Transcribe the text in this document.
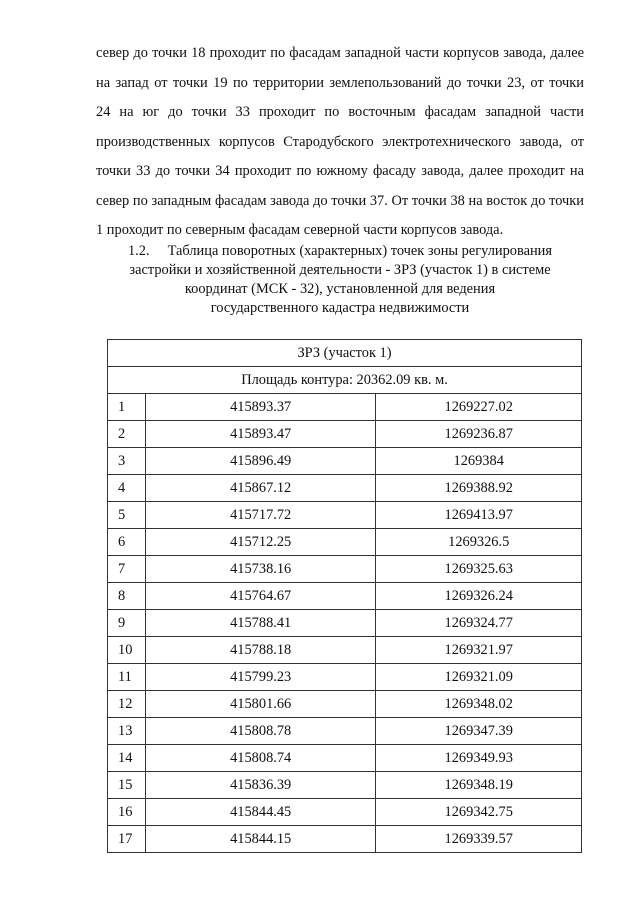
север до точки 18 проходит по фасадам западной части корпусов завода, далее
на запад от точки 19 по территории землепользований до точки 23, от точки
24 на юг до точки 33 проходит по восточным фасадам западной части
производственных корпусов Стародубского электротехнического завода, от
точки 33 до точки 34 проходит по южному фасаду завода, далее проходит на
север по западным фасадам завода до точки 37. От точки 38 на восток до точки
1 проходит по северным фасадам северной части корпусов завода.
1.2. Таблица поворотных (характерных) точек зоны регулирования
застройки и хозяйственной деятельности - ЗРЗ (участок 1) в системе
координат (МСК - 32), установленной для ведения
государственного кадастра недвижимости
ЗРЗ (участок 1)		
Площадь контура: 20362.09 кв. м.		
1	415893.37	1269227.02
2	415893.47	1269236.87
3	415896.49	1269384
4	415867.12	1269388.92
5	415717.72	1269413.97
6	415712.25	1269326.5
7	415738.16	1269325.63
8	415764.67	1269326.24
9	415788.41	1269324.77
10	415788.18	1269321.97
11	415799.23	1269321.09
12	415801.66	1269348.02
13	415808.78	1269347.39
14	415808.74	1269349.93
15	415836.39	1269348.19
16	415844.45	1269342.75
17	415844.15	1269339.57
